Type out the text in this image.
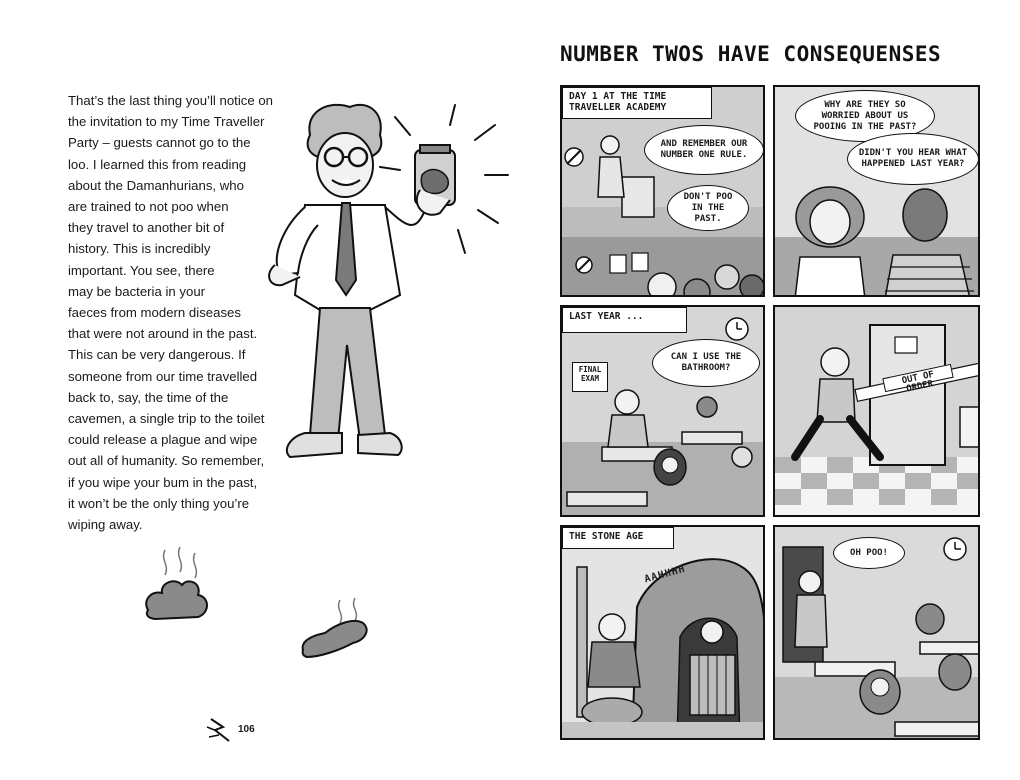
That’s the last thing you’ll notice on
the invitation to my Time Traveller
Party – guests cannot go to the
loo. I learned this from reading
about the Damanhurians, who
are trained to not poo when
they travel to another bit of
history. This is incredibly
important. You see, there
may be bacteria in your
faeces from modern diseases
that were not around in the past.
This can be very dangerous. If
someone from our time travelled
back to, say, the time of the
cavemen, a single trip to the toilet
could release a plague and wipe
out all of humanity. So remember,
if you wipe your bum in the past,
it won’t be the only thing you’re
wiping away.
106
NUMBER TWOS HAVE CONSEQUENSES
DAY 1 AT THE TIME TRAVELLER ACADEMY
AND REMEMBER OUR NUMBER ONE RULE.
DON'T POO IN THE PAST.
WHY ARE THEY SO WORRIED ABOUT US POOING IN THE PAST?
DIDN'T YOU HEAR WHAT HAPPENED LAST YEAR?
LAST YEAR ...
FINAL EXAM
CAN I USE THE BATHROOM?
OUT OF ORDER
THE STONE AGE
AAHHHH
OH POO!
